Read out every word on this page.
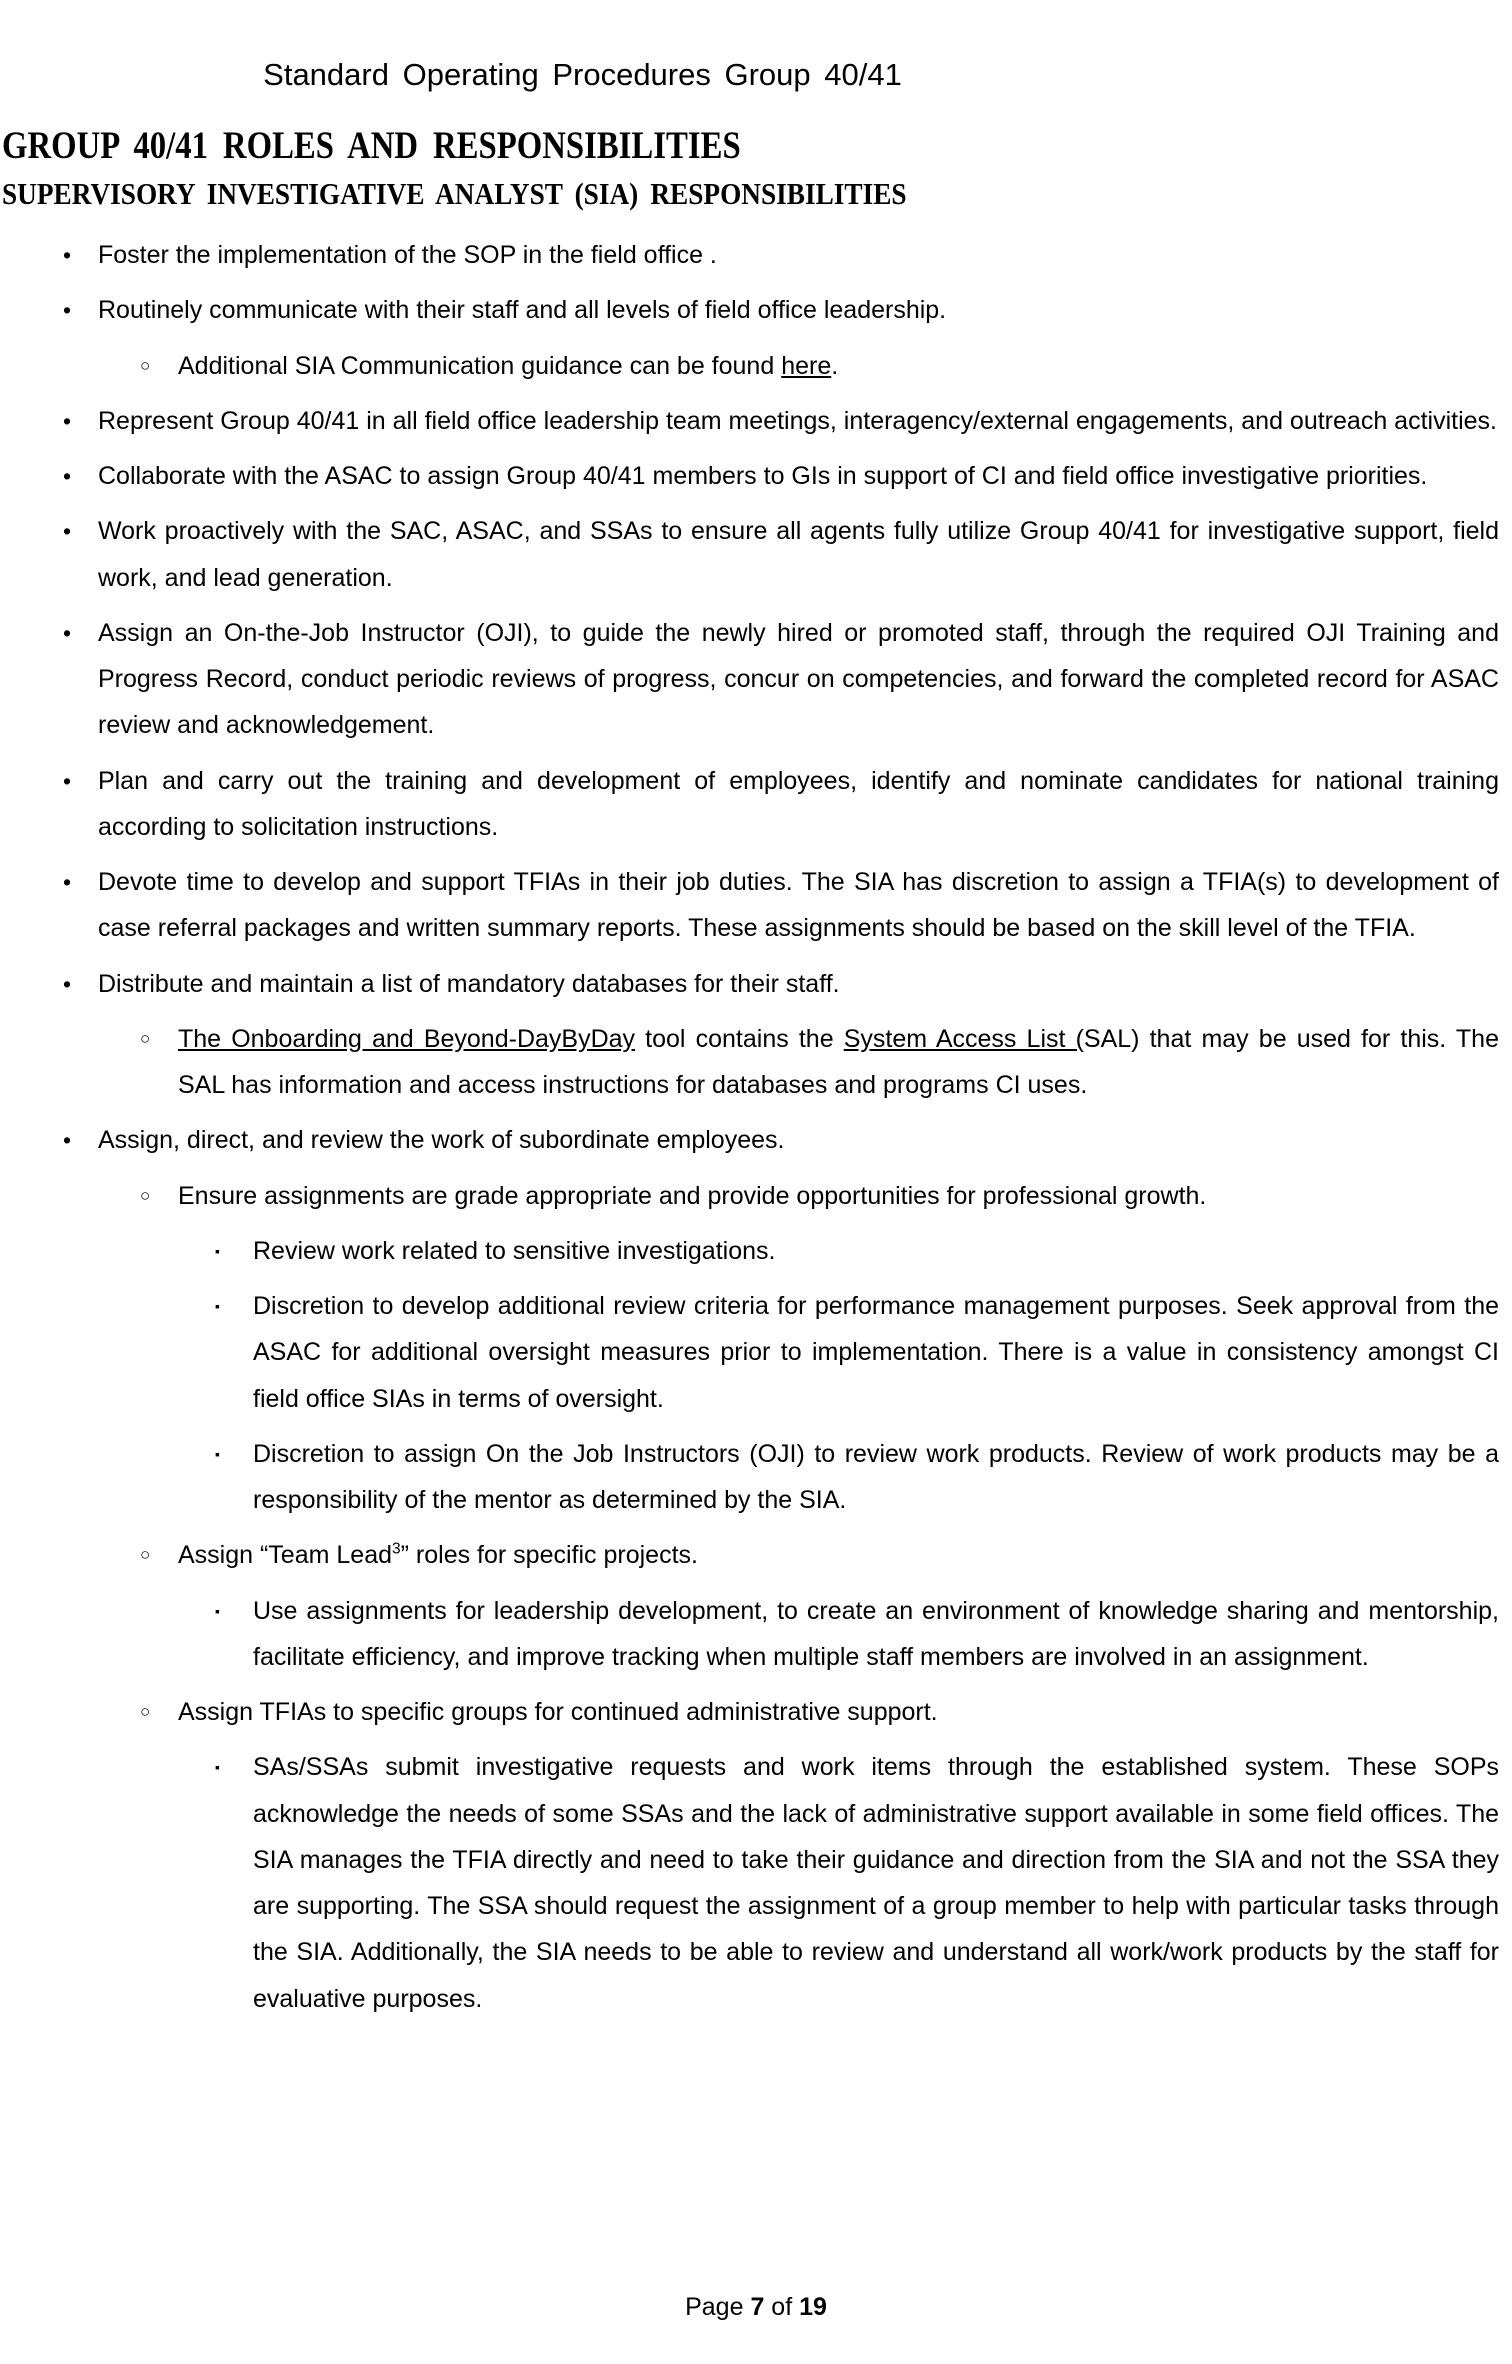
Standard Operating Procedures Group 40/41
GROUP 40/41 ROLES AND RESPONSIBILITIES
SUPERVISORY INVESTIGATIVE ANALYST (SIA) RESPONSIBILITIES
•	Foster the implementation of the SOP in the field office .
•	Routinely communicate with their staff and all levels of field office leadership.
○	Additional SIA Communication guidance can be found here.
•	Represent Group 40/41 in all field office leadership team meetings, interagency/external engagements, and outreach activities.
•	Collaborate with the ASAC to assign Group 40/41 members to GIs in support of CI and field office investigative priorities.
•	Work proactively with the SAC, ASAC, and SSAs to ensure all agents fully utilize Group 40/41 for investigative support, field work, and lead generation.
•	Assign an On-the-Job Instructor (OJI), to guide the newly hired or promoted staff, through the required OJI Training and Progress Record, conduct periodic reviews of progress, concur on competencies, and forward the completed record for ASAC review and acknowledgement.
•	Plan and carry out the training and development of employees, identify and nominate candidates for national training according to solicitation instructions.
•	Devote time to develop and support TFIAs in their job duties. The SIA has discretion to assign a TFIA(s) to development of case referral packages and written summary reports. These assignments should be based on the skill level of the TFIA.
•	Distribute and maintain a list of mandatory databases for their staff.
○	The Onboarding and Beyond-DayByDay tool contains the System Access List (SAL) that may be used for this. The SAL has information and access instructions for databases and programs CI uses.
•	Assign, direct, and review the work of subordinate employees.
○	Ensure assignments are grade appropriate and provide opportunities for professional growth.
▪	Review work related to sensitive investigations.
▪	Discretion to develop additional review criteria for performance management purposes. Seek approval from the ASAC for additional oversight measures prior to implementation. There is a value in consistency amongst CI field office SIAs in terms of oversight.
▪	Discretion to assign On the Job Instructors (OJI) to review work products. Review of work products may be a responsibility of the mentor as determined by the SIA.
○	Assign “Team Lead$^3$” roles for specific projects.
▪	Use assignments for leadership development, to create an environment of knowledge sharing and mentorship, facilitate efficiency, and improve tracking when multiple staff members are involved in an assignment.
○	Assign TFIAs to specific groups for continued administrative support.
▪	SAs/SSAs submit investigative requests and work items through the established system. These SOPs acknowledge the needs of some SSAs and the lack of administrative support available in some field offices. The SIA manages the TFIA directly and need to take their guidance and direction from the SIA and not the SSA they are supporting. The SSA should request the assignment of a group member to help with particular tasks through the SIA. Additionally, the SIA needs to be able to review and understand all work/work products by the staff for evaluative purposes.
Page 7 of 19
